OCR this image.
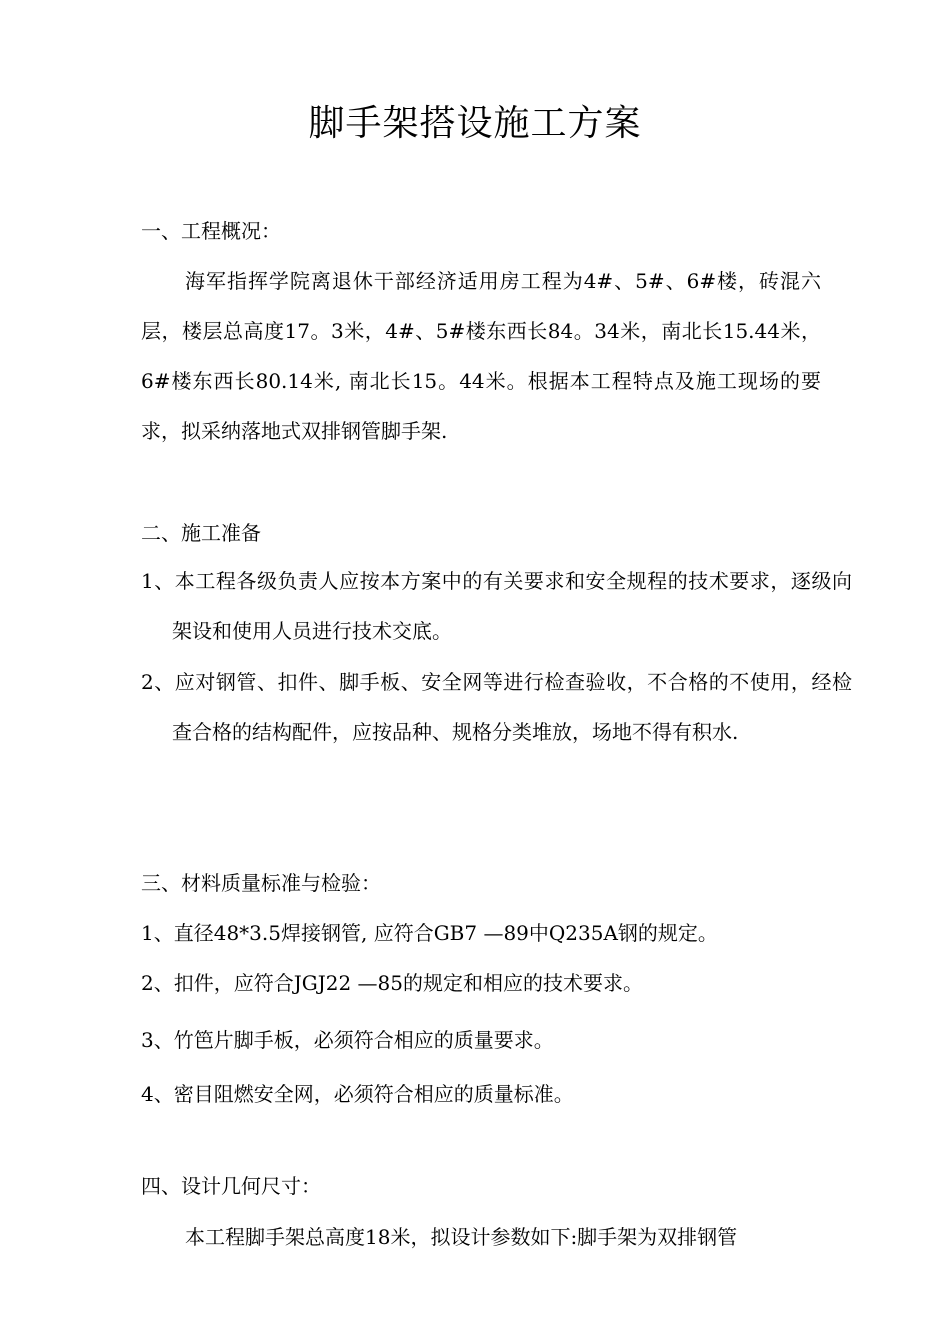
脚手架搭设施工方案
一、工程概况：
海军指挥学院离退休干部经济适用房工程为4#、5#、6#楼，砖混六层，楼层总高度17。3米，4#、5#楼东西长84。34米，南北长15.44米，6#楼东西长80.14米, 南北长15。44米。根据本工程特点及施工现场的要求，拟采纳落地式双排钢管脚手架.
二、施工准备
1、本工程各级负责人应按本方案中的有关要求和安全规程的技术要求，逐级向架设和使用人员进行技术交底。
2、应对钢管、扣件、脚手板、安全网等进行检查验收，不合格的不使用，经检查合格的结构配件，应按品种、规格分类堆放，场地不得有积水.
三、材料质量标准与检验：
1、直径48*3.5焊接钢管, 应符合GB7 —89中Q235A钢的规定。
2、扣件，应符合JGJ22 —85的规定和相应的技术要求。
3、竹笆片脚手板，必须符合相应的质量要求。
4、密目阻燃安全网，必须符合相应的质量标准。
四、设计几何尺寸：
本工程脚手架总高度18米，拟设计参数如下:脚手架为双排钢管
